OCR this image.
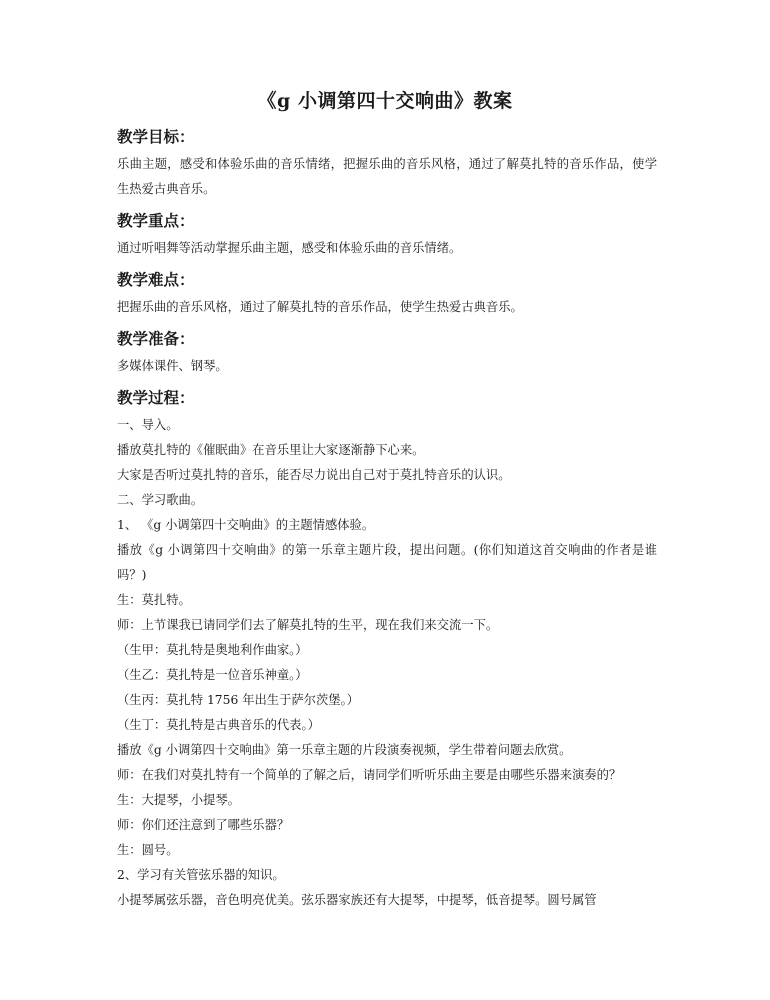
《g 小调第四十交响曲》教案
教学目标：

乐曲主题，感受和体验乐曲的音乐情绪，把握乐曲的音乐风格，通过了解莫扎特的音乐作品，使学生热爱古典音乐。

教学重点：

通过听唱舞等活动掌握乐曲主题，感受和体验乐曲的音乐情绪。

教学难点：

把握乐曲的音乐风格，通过了解莫扎特的音乐作品，使学生热爱古典音乐。

教学准备：

多媒体课件、钢琴。

教学过程：

一、导入。

播放莫扎特的《催眠曲》在音乐里让大家逐渐静下心来。

大家是否听过莫扎特的音乐，能否尽力说出自己对于莫扎特音乐的认识。

二、学习歌曲。

1、 《g 小调第四十交响曲》的主题情感体验。

播放《g 小调第四十交响曲》的第一乐章主题片段，提出问题。(你们知道这首交响曲的作者是谁吗？)

生：莫扎特。

师：上节课我已请同学们去了解莫扎特的生平，现在我们来交流一下。

（生甲：莫扎特是奥地利作曲家。）

（生乙：莫扎特是一位音乐神童。）

（生丙：莫扎特 1756 年出生于萨尔茨堡。）

（生丁：莫扎特是古典音乐的代表。）

播放《g 小调第四十交响曲》第一乐章主题的片段演奏视频，学生带着问题去欣赏。

师：在我们对莫扎特有一个简单的了解之后，请同学们听听乐曲主要是由哪些乐器来演奏的？

生：大提琴，小提琴。

师：你们还注意到了哪些乐器？

生：圆号。

2、学习有关管弦乐器的知识。

小提琴属弦乐器，音色明亮优美。弦乐器家族还有大提琴，中提琴，低音提琴。圆号属管
